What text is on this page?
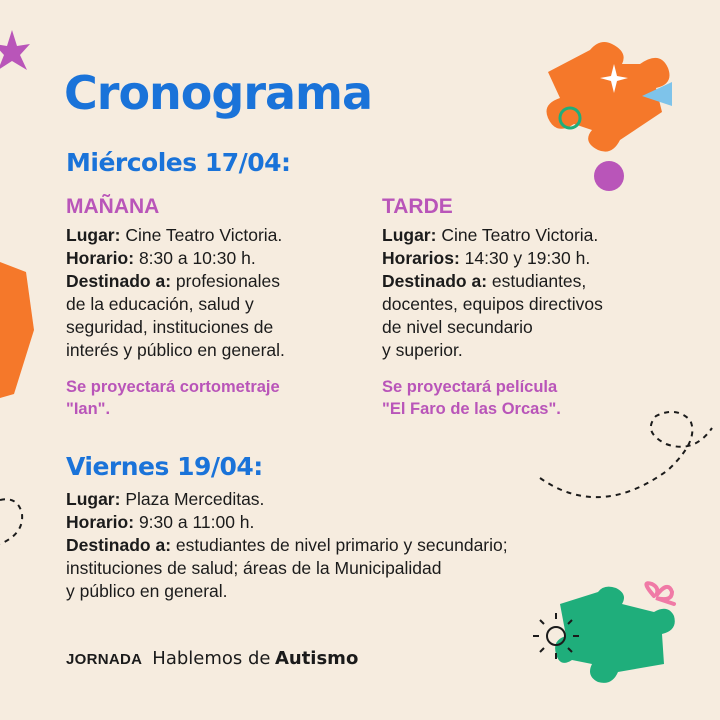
Cronograma
Miércoles 17/04:
MAÑANA

Lugar: Cine Teatro Victoria.

Horario: 8:30 a 10:30 h.

Destinado a: profesionales

de la educación, salud y

seguridad, instituciones de

interés y público en general.

Se proyectará cortometraje

"Ian".

TARDE

Lugar: Cine Teatro Victoria.

Horarios: 14:30 y 19:30 h.

Destinado a: estudiantes,

docentes, equipos directivos

de nivel secundario

y superior.

Se proyectará película

"El Faro de las Orcas".

Viernes 19/04:

Lugar: Plaza Merceditas.

Horario: 9:30 a 11:00 h.

Destinado a: estudiantes de nivel primario y secundario;

instituciones de salud; áreas de la Municipalidad

y público en general.

JORNADA Hablemos de Autismo
